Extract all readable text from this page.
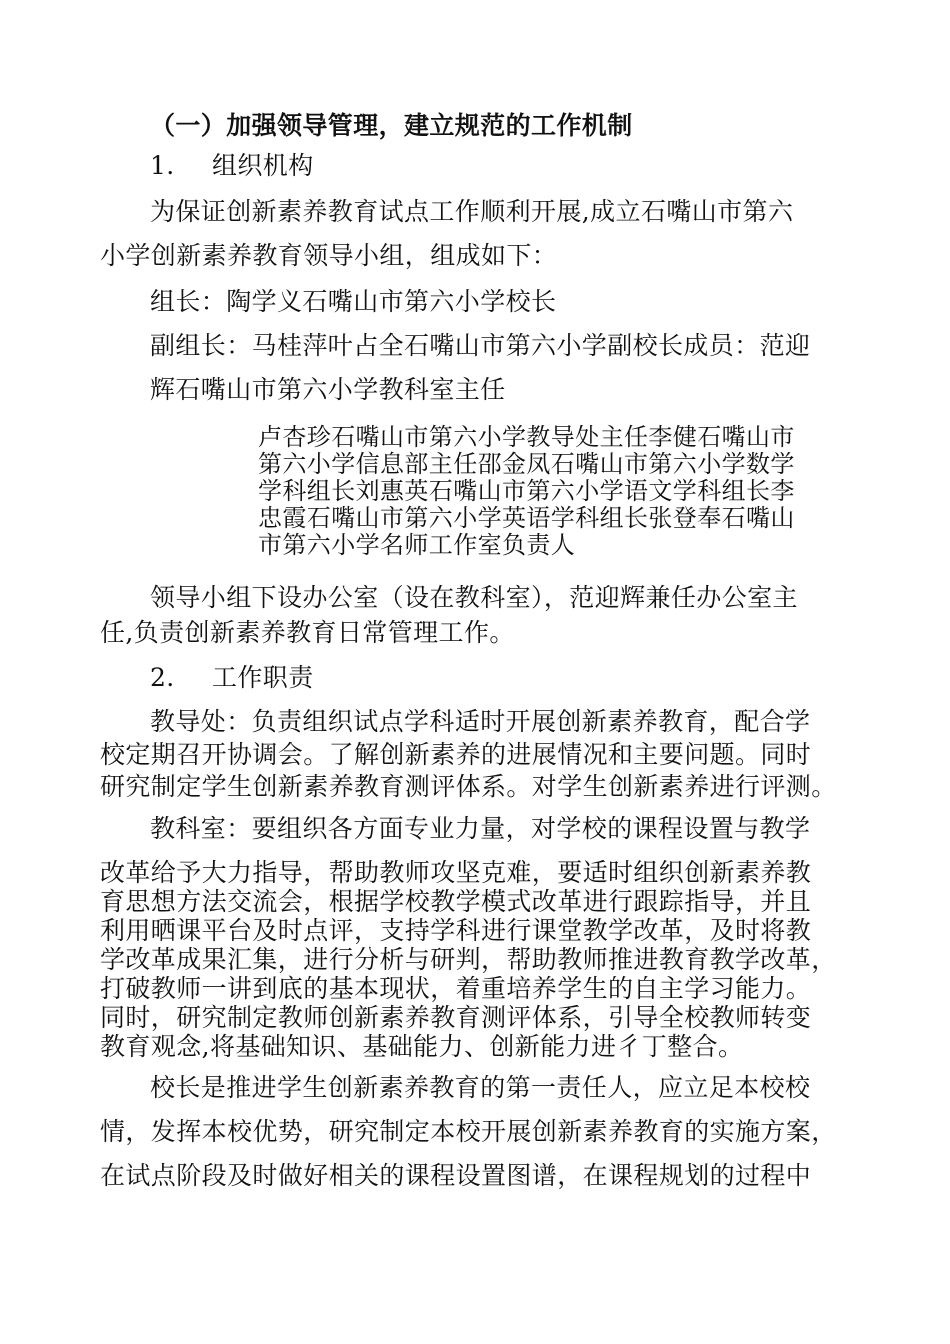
（一）加强领导管理，建立规范的工作机制
1. 组织机构
为保证创新素养教育试点工作顺利开展,成立石嘴山市第六
小学创新素养教育领导小组，组成如下：
组长：陶学义石嘴山市第六小学校长
副组长：马桂萍叶占全石嘴山市第六小学副校长成员：范迎
辉石嘴山市第六小学教科室主任
卢杏珍石嘴山市第六小学教导处主任李健石嘴山市
第六小学信息部主任邵金凤石嘴山市第六小学数学
学科组长刘惠英石嘴山市第六小学语文学科组长李
忠霞石嘴山市第六小学英语学科组长张登奉石嘴山
市第六小学名师工作室负责人
领导小组下设办公室（设在教科室），范迎辉兼任办公室主
任,负责创新素养教育日常管理工作。
2. 工作职责
教导处：负责组织试点学科适时开展创新素养教育，配合学
校定期召开协调会。了解创新素养的进展情况和主要问题。同时
研究制定学生创新素养教育测评体系。对学生创新素养进行评测。
教科室：要组织各方面专业力量，对学校的课程设置与教学
改革给予大力指导，帮助教师攻坚克难，要适时组织创新素养教
育思想方法交流会，根据学校教学模式改革进行跟踪指导，并且
利用晒课平台及时点评，支持学科进行课堂教学改革，及时将教
学改革成果汇集，进行分析与研判，帮助教师推进教育教学改革，
打破教师一讲到底的基本现状，着重培养学生的自主学习能力。
同时，研究制定教师创新素养教育测评体系，引导全校教师转变
教育观念,将基础知识、基础能力、创新能力进彳丁整合。
校长是推进学生创新素养教育的第一责任人，应立足本校校
情，发挥本校优势，研究制定本校开展创新素养教育的实施方案，
在试点阶段及时做好相关的课程设置图谱，在课程规划的过程中
